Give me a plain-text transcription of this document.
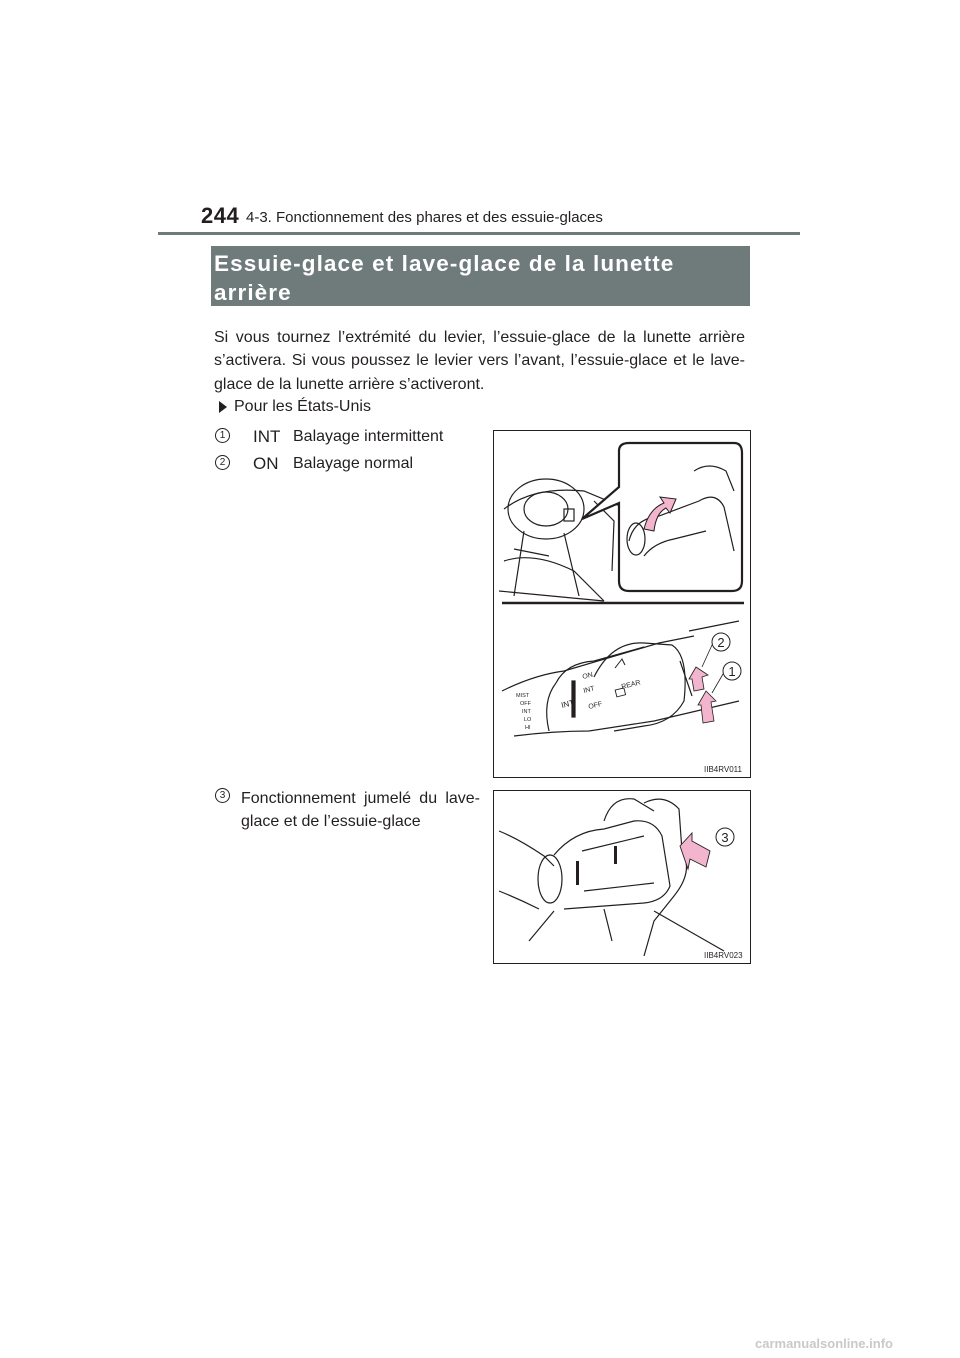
244 4-3. Fonctionnement des phares et des essuie-glaces
Essuie-glace et lave-glace de la lunette arrière
Si vous tournez l’extrémité du levier, l’essuie-glace de la lunette arrière s’activera. Si vous poussez le levier vers l’avant, l’essuie-glace et le lave-glace de la lunette arrière s’activeront.
Pour les États-Unis
1 INT Balayage intermittent
2 ON Balayage normal
3 Fonctionnement jumelé du lave-glace et de l’essuie-glace
MIST
OFF
INT
LO
HI
INT
ON
INT
OFF
REAR
2
1
IIB4RV011
3
IIB4RV023
carmanualsonline.info
